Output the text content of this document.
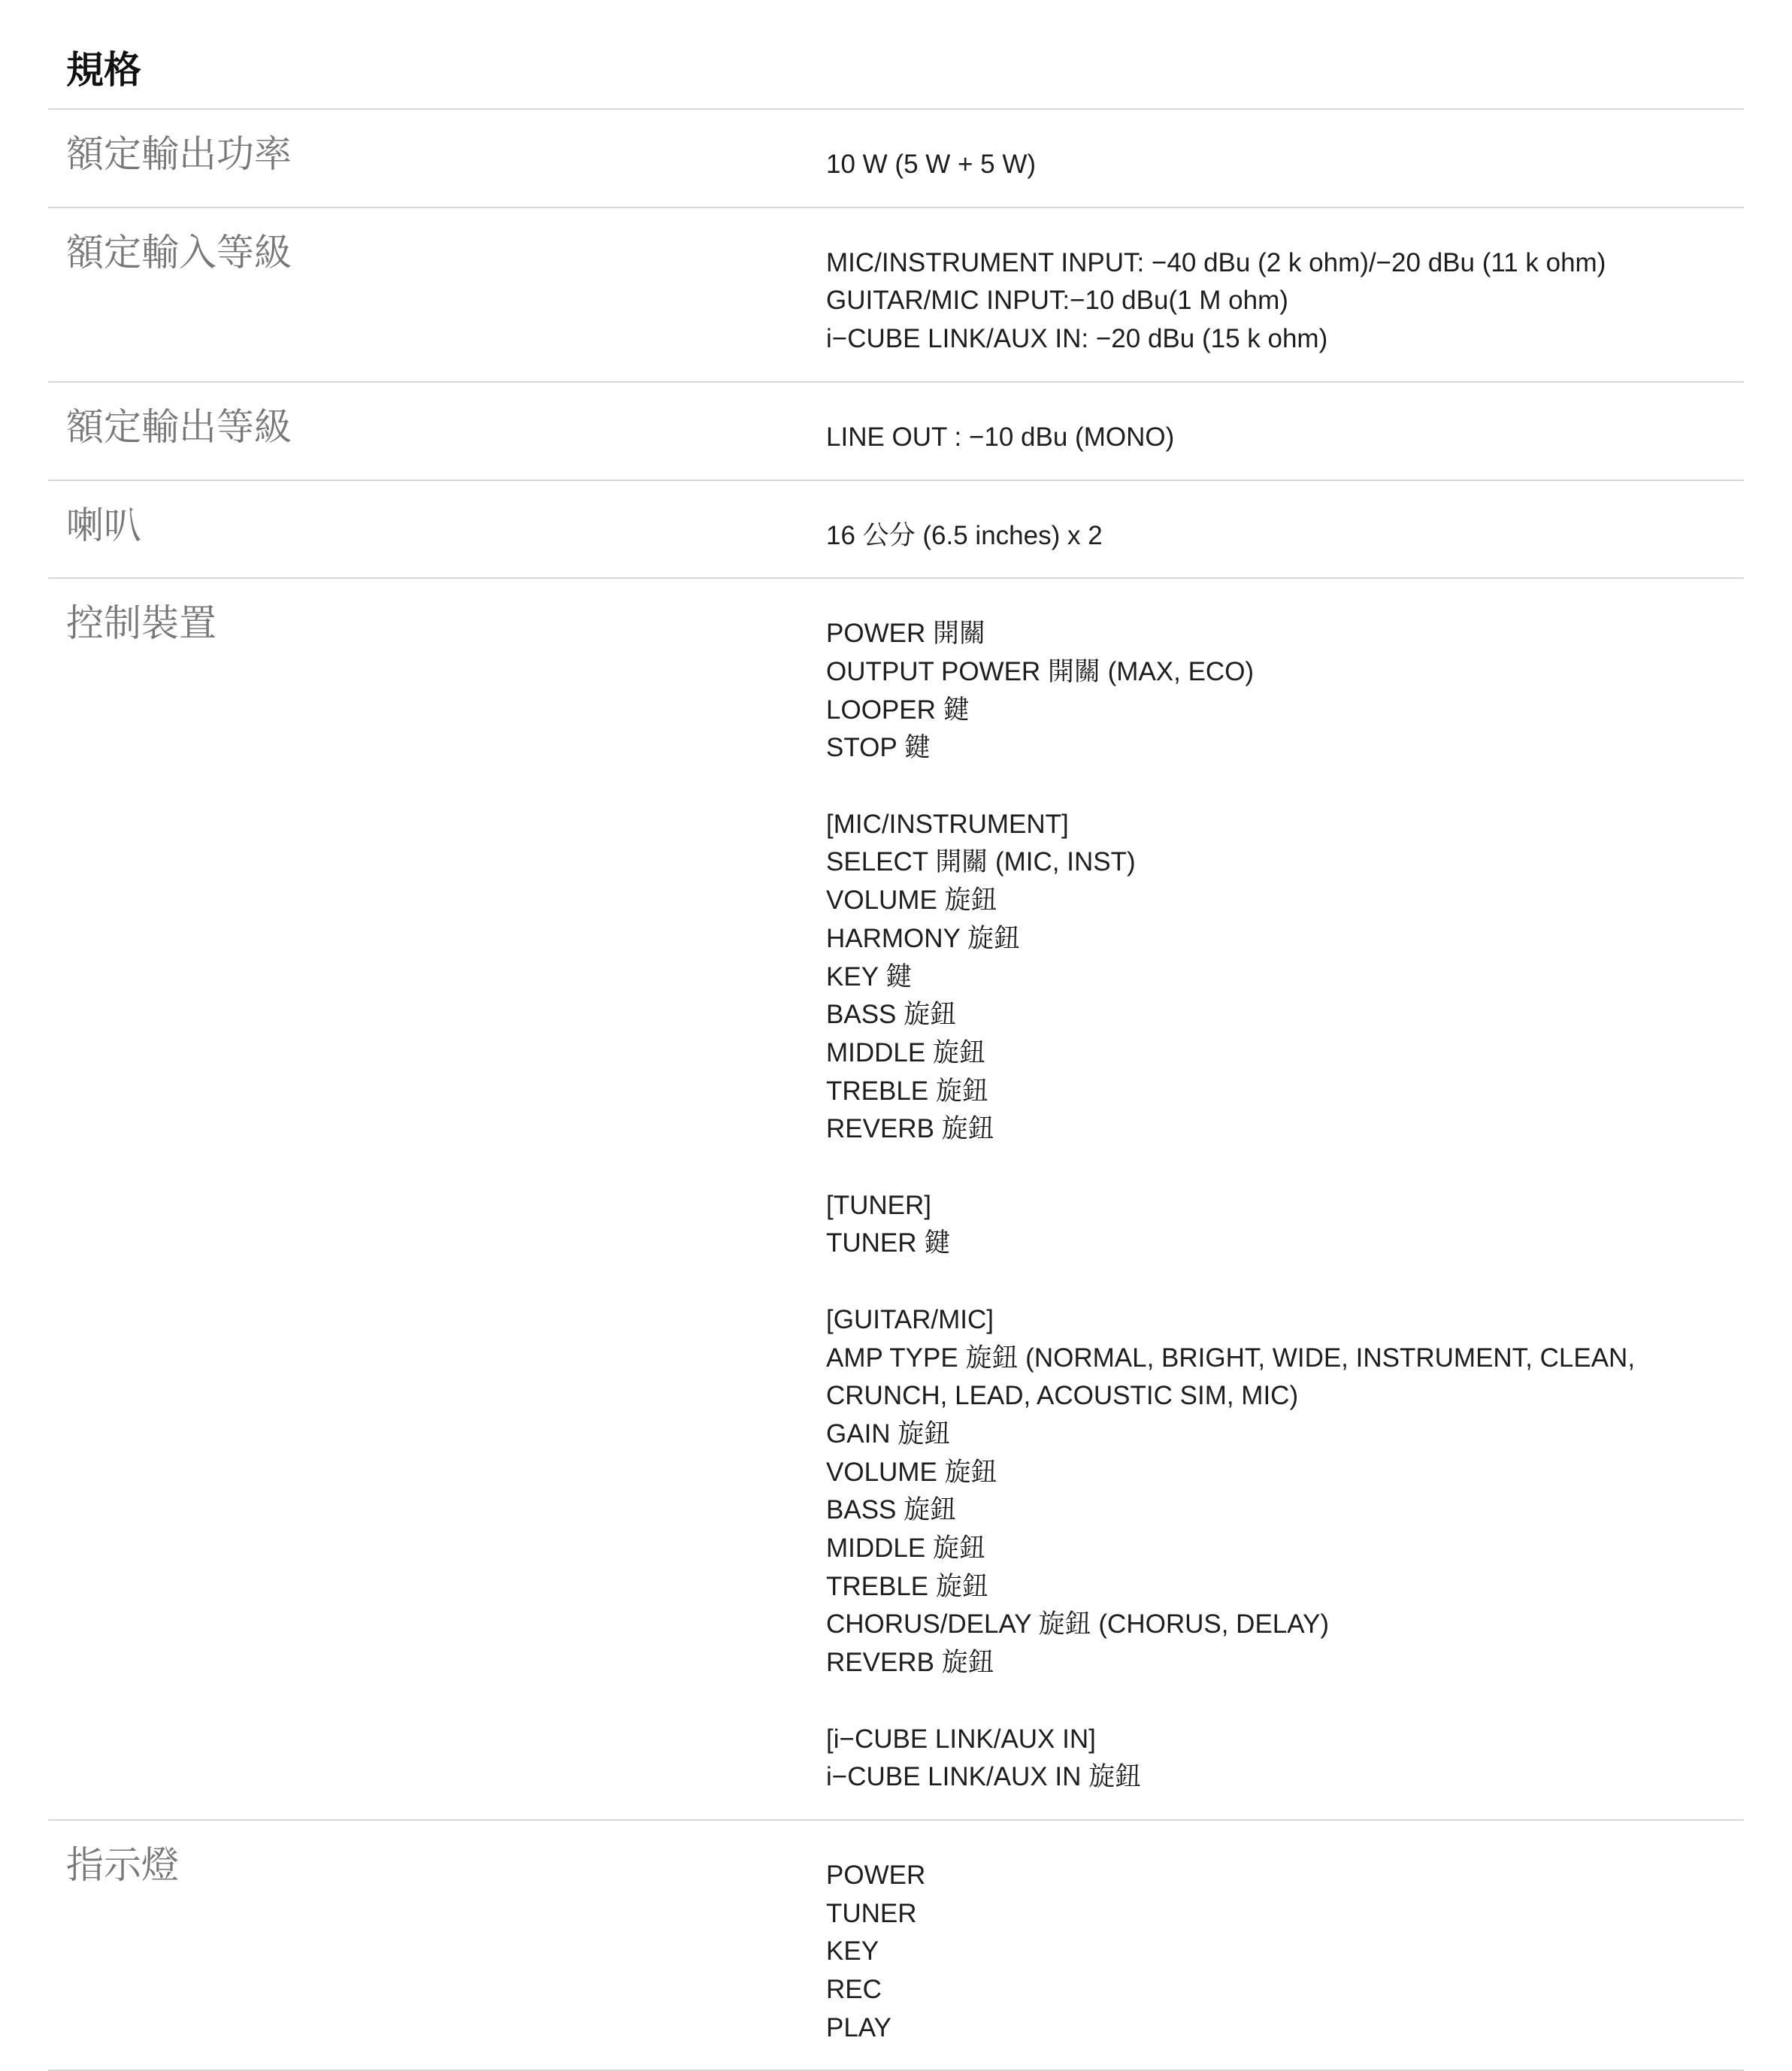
規格
額定輸出功率	10 W (5 W + 5 W)
額定輸入等級	MIC/INSTRUMENT INPUT: −40 dBu (2 k ohm)/−20 dBu (11 k ohm)
GUITAR/MIC INPUT:−10 dBu(1 M ohm)
i−CUBE LINK/AUX IN: −20 dBu (15 k ohm)
額定輸出等級	LINE OUT : −10 dBu (MONO)
喇叭	16 公分 (6.5 inches) x 2
控制裝置	POWER 開關
OUTPUT POWER 開關 (MAX, ECO)
LOOPER 鍵
STOP 鍵
[MIC/INSTRUMENT]
SELECT 開關 (MIC, INST)
VOLUME 旋鈕
HARMONY 旋鈕
KEY 鍵
BASS 旋鈕
MIDDLE 旋鈕
TREBLE 旋鈕
REVERB 旋鈕
[TUNER]
TUNER 鍵
[GUITAR/MIC]
AMP TYPE 旋鈕 (NORMAL, BRIGHT, WIDE, INSTRUMENT, CLEAN,
CRUNCH, LEAD, ACOUSTIC SIM, MIC)
GAIN 旋鈕
VOLUME 旋鈕
BASS 旋鈕
MIDDLE 旋鈕
TREBLE 旋鈕
CHORUS/DELAY 旋鈕 (CHORUS, DELAY)
REVERB 旋鈕
[i−CUBE LINK/AUX IN]
i−CUBE LINK/AUX IN 旋鈕
指示燈	POWER
TUNER
KEY
REC
PLAY
